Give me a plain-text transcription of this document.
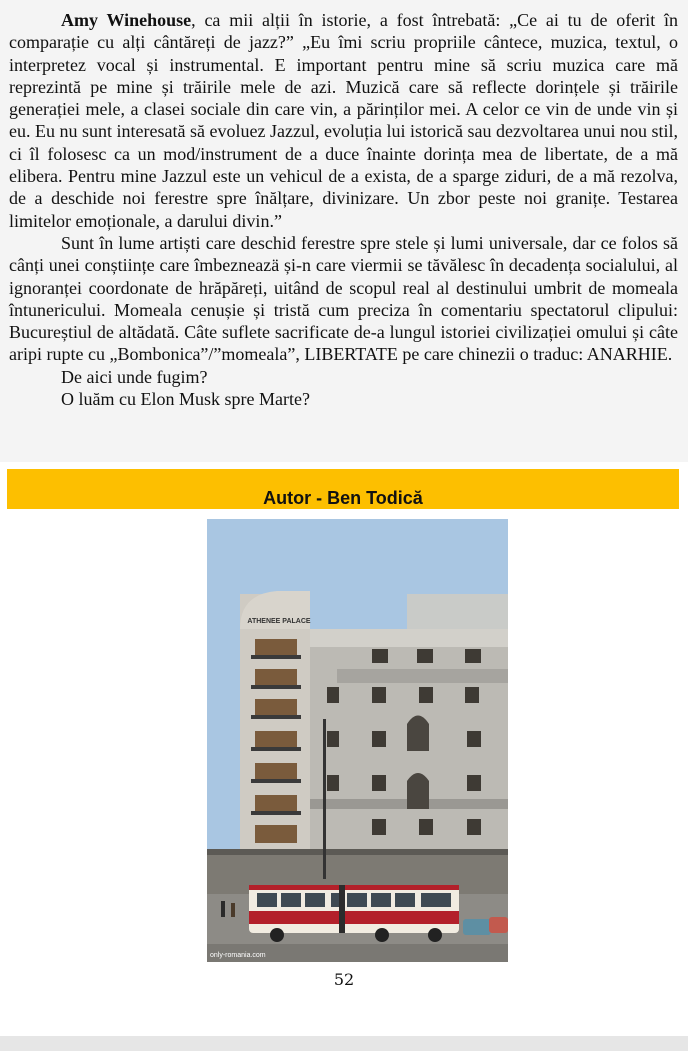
Amy Winehouse, ca mii alții în istorie, a fost întrebată: „Ce ai tu de oferit în comparație cu alți cântăreți de jazz?” „Eu îmi scriu propriile cântece, muzica, textul, o interpretez vocal și instrumental. E important pentru mine să scriu muzica care mă reprezintă pe mine și trăirile mele de azi. Muzică care să reflecte dorințele și trăirile generației mele, a clasei sociale din care vin, a părinților mei. A celor ce vin de unde vin și eu. Eu nu sunt interesată să evoluez Jazzul, evoluția lui istorică sau dezvoltarea unui nou stil, ci îl folosesc ca un mod/instrument de a duce înainte dorința mea de libertate, de a mă elibera. Pentru mine Jazzul este un vehicul de a exista, de a sparge ziduri, de a mă rezolva, de a deschide noi ferestre spre înălțare, divinizare. Un zbor peste noi granițe. Testarea limitelor emoționale, a darului divin.”

Sunt în lume artiști care deschid ferestre spre stele și lumi universale, dar ce folos să cânți unei conștiințe care îmbezneazä și-n care viermii se tăvălesc în decadența socialului, al ignoranței coordonate de hrăpăreți, uitând de scopul real al destinului umbrit de momeala întunericului. Momeala cenușie și tristă cum preciza în comentariu spectatorul clipului: Bucureștiul de altădată. Câte suflete sacrificate de-a lungul istoriei civilizației omului și câte aripi rupte cu „Bombonica”/”momeala”, LIBERTATE pe care chinezii o traduc: ANARHIE.

De aici unde fugim?

O luăm cu Elon Musk spre Marte?

Autor - Ben Todică
ATHENEE PALACE
only-romania.com
52
